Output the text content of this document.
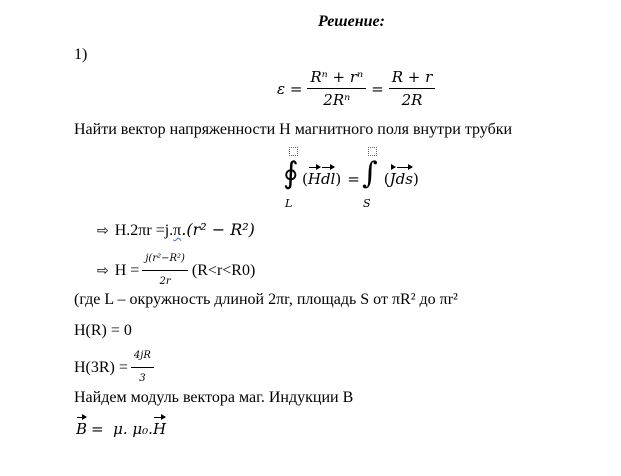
Решение:
1)
$\varepsilon = \frac{\text{Rⁿ + rⁿ}}{\text{2Rⁿ}} = \frac{R + r}{2R}$
Найти вектор напряженности H магнитного поля внутри трубки
∮ ∫
L	S
( H dl ) = ( J ds )
⇨ H.2πr =j. π .(r² − R²)
⇨ $H = \frac{\text{j(r²−R²)}}{2r} (R<r<R0)$
(где L – окружность длиной 2πr, площадь S от πR² до πr²
H(R) = 0
$H(3R) = \frac{4jR}{3}$
Найдем модуль вектора маг. Индукции B
B =  μ. μ₀. H
